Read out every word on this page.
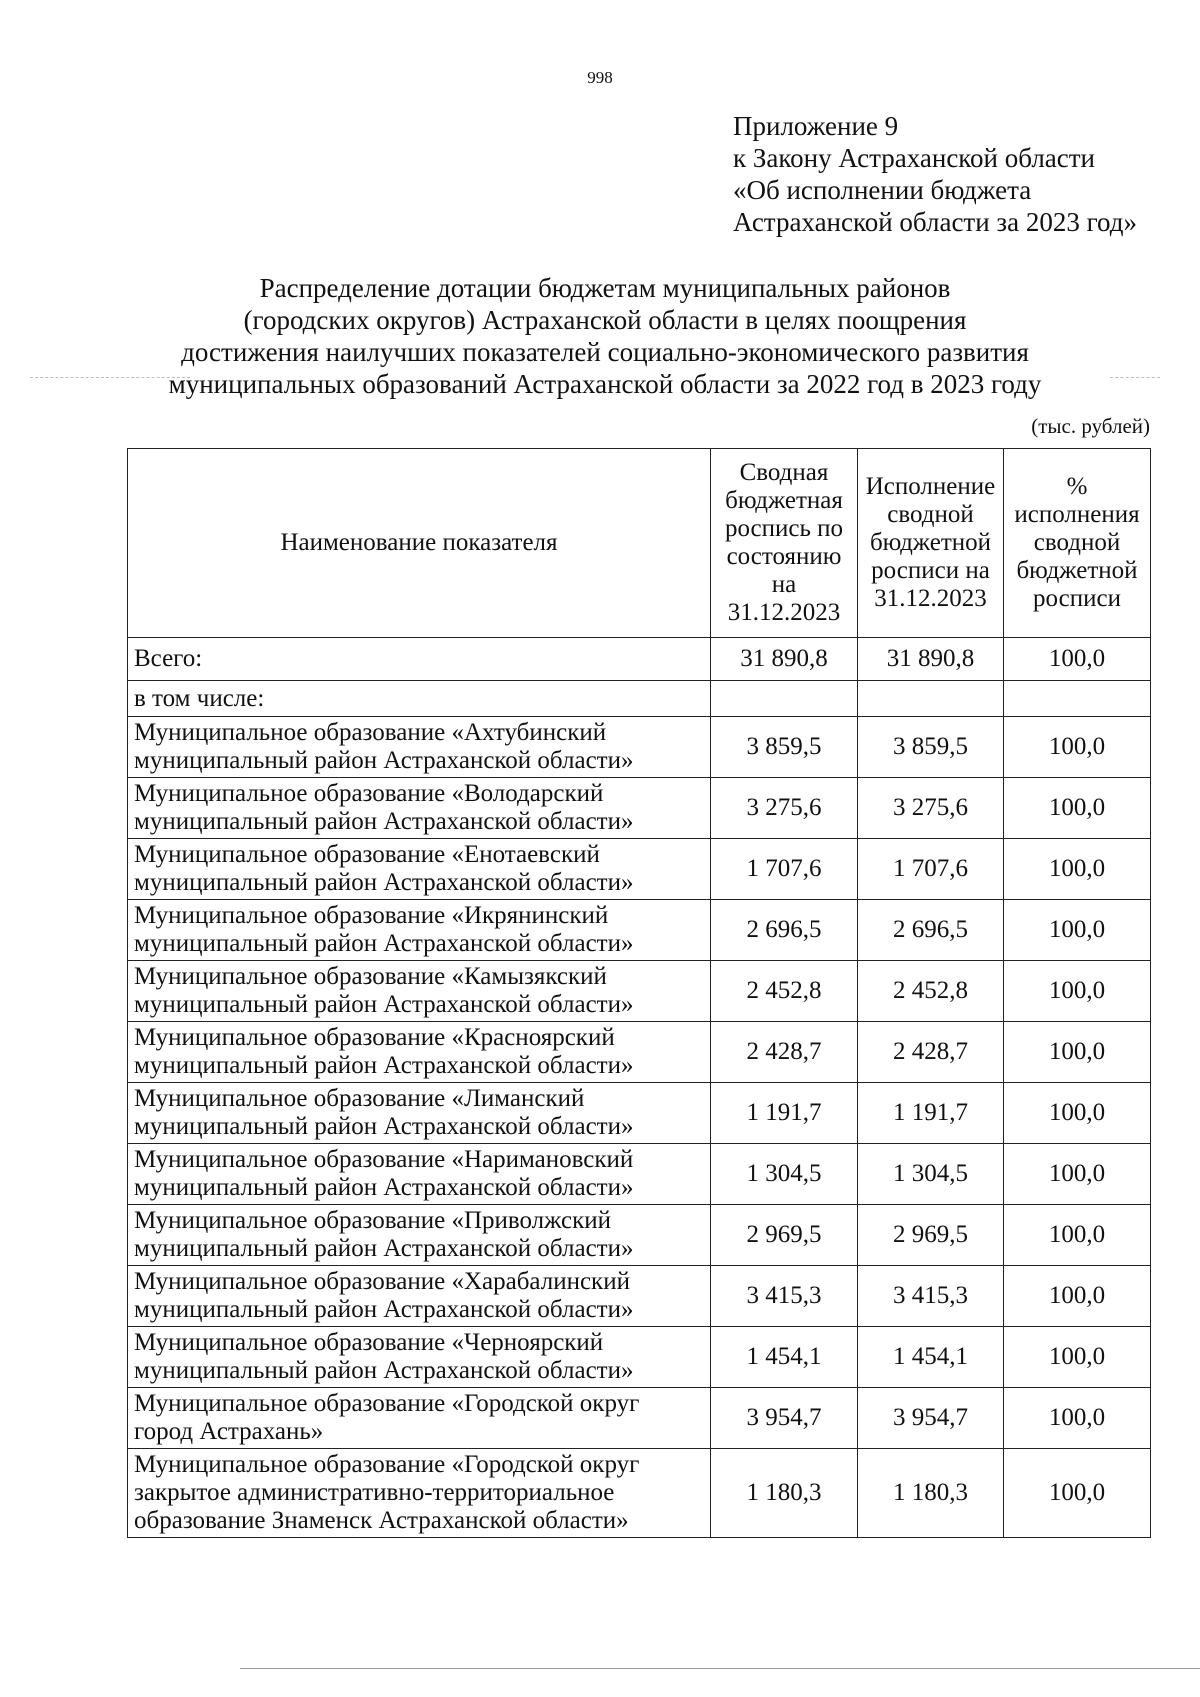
998
Приложение 9
к Закону Астраханской области
«Об исполнении бюджета
Астраханской области за 2023 год»
Распределение дотации бюджетам муниципальных районов
(городских округов) Астраханской области в целях поощрения
достижения наилучших показателей социально-экономического развития
муниципальных образований Астраханской области за 2022 год в 2023 году
(тыс. рублей)
Наименование показателя	Сводная бюджетная роспись по состоянию на 31.12.2023	Исполнение сводной бюджетной росписи на 31.12.2023	% исполнения сводной бюджетной росписи
Всего:	31 890,8	31 890,8	100,0
в том числе:			
Муниципальное образование «Ахтубинский муниципальный район Астраханской области»	3 859,5	3 859,5	100,0
Муниципальное образование «Володарский муниципальный район Астраханской области»	3 275,6	3 275,6	100,0
Муниципальное образование «Енотаевский муниципальный район Астраханской области»	1 707,6	1 707,6	100,0
Муниципальное образование «Икрянинский муниципальный район Астраханской области»	2 696,5	2 696,5	100,0
Муниципальное образование «Камызякский муниципальный район Астраханской области»	2 452,8	2 452,8	100,0
Муниципальное образование «Красноярский муниципальный район Астраханской области»	2 428,7	2 428,7	100,0
Муниципальное образование «Лиманский муниципальный район Астраханской области»	1 191,7	1 191,7	100,0
Муниципальное образование «Наримановский муниципальный район Астраханской области»	1 304,5	1 304,5	100,0
Муниципальное образование «Приволжский муниципальный район Астраханской области»	2 969,5	2 969,5	100,0
Муниципальное образование «Харабалинский муниципальный район Астраханской области»	3 415,3	3 415,3	100,0
Муниципальное образование «Черноярский муниципальный район Астраханской области»	1 454,1	1 454,1	100,0
Муниципальное образование «Городской округ город Астрахань»	3 954,7	3 954,7	100,0
Муниципальное образование «Городской округ закрытое административно-территориальное образование Знаменск Астраханской области»	1 180,3	1 180,3	100,0
